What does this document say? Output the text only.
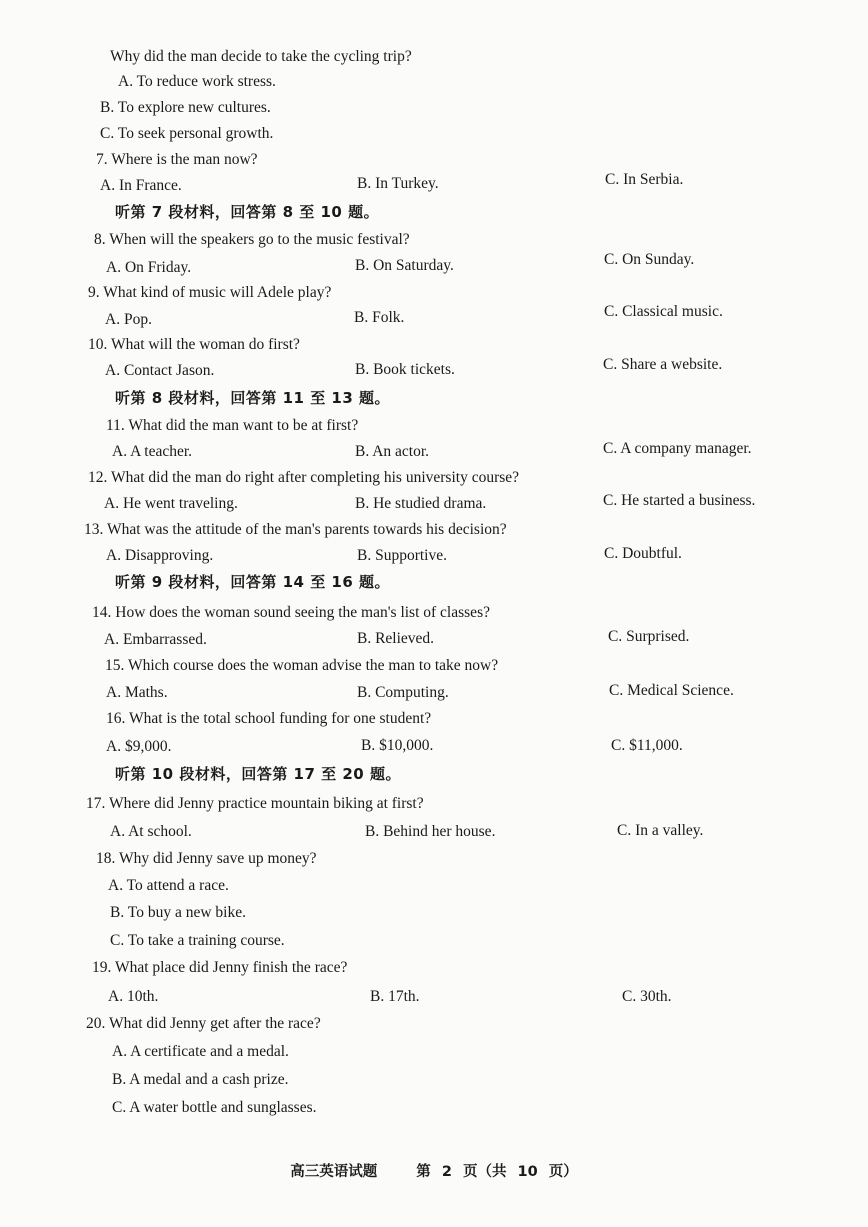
Why did the man decide to take the cycling trip?
A. To reduce work stress.
B. To explore new cultures.
C. To seek personal growth.
7. Where is the man now?
A. In France.	B. In Turkey.	C. In Serbia.
听第 7 段材料，回答第 8 至 10 题。
8. When will the speakers go to the music festival?
A. On Friday.	B. On Saturday.	C. On Sunday.
9. What kind of music will Adele play?
A. Pop.	B. Folk.	C. Classical music.
10. What will the woman do first?
A. Contact Jason.	B. Book tickets.	C. Share a website.
听第 8 段材料，回答第 11 至 13 题。
11. What did the man want to be at first?
A. A teacher.	B. An actor.	C. A company manager.
12. What did the man do right after completing his university course?
A. He went traveling.	B. He studied drama.	C. He started a business.
13. What was the attitude of the man's parents towards his decision?
A. Disapproving.	B. Supportive.	C. Doubtful.
听第 9 段材料，回答第 14 至 16 题。
14. How does the woman sound seeing the man's list of classes?
A. Embarrassed.	B. Relieved.	C. Surprised.
15. Which course does the woman advise the man to take now?
A. Maths.	B. Computing.	C. Medical Science.
16. What is the total school funding for one student?
A. $9,000.	B. $10,000.	C. $11,000.
听第 10 段材料，回答第 17 至 20 题。
17. Where did Jenny practice mountain biking at first?
A. At school.	B. Behind her house.	C. In a valley.
18. Why did Jenny save up money?
A. To attend a race.
B. To buy a new bike.
C. To take a training course.
19. What place did Jenny finish the race?
A. 10th.	B. 17th.	C. 30th.
20. What did Jenny get after the race?
A. A certificate and a medal.
B. A medal and a cash prize.
C. A water bottle and sunglasses.
高三英语试题	第 2 页（共 10 页）
